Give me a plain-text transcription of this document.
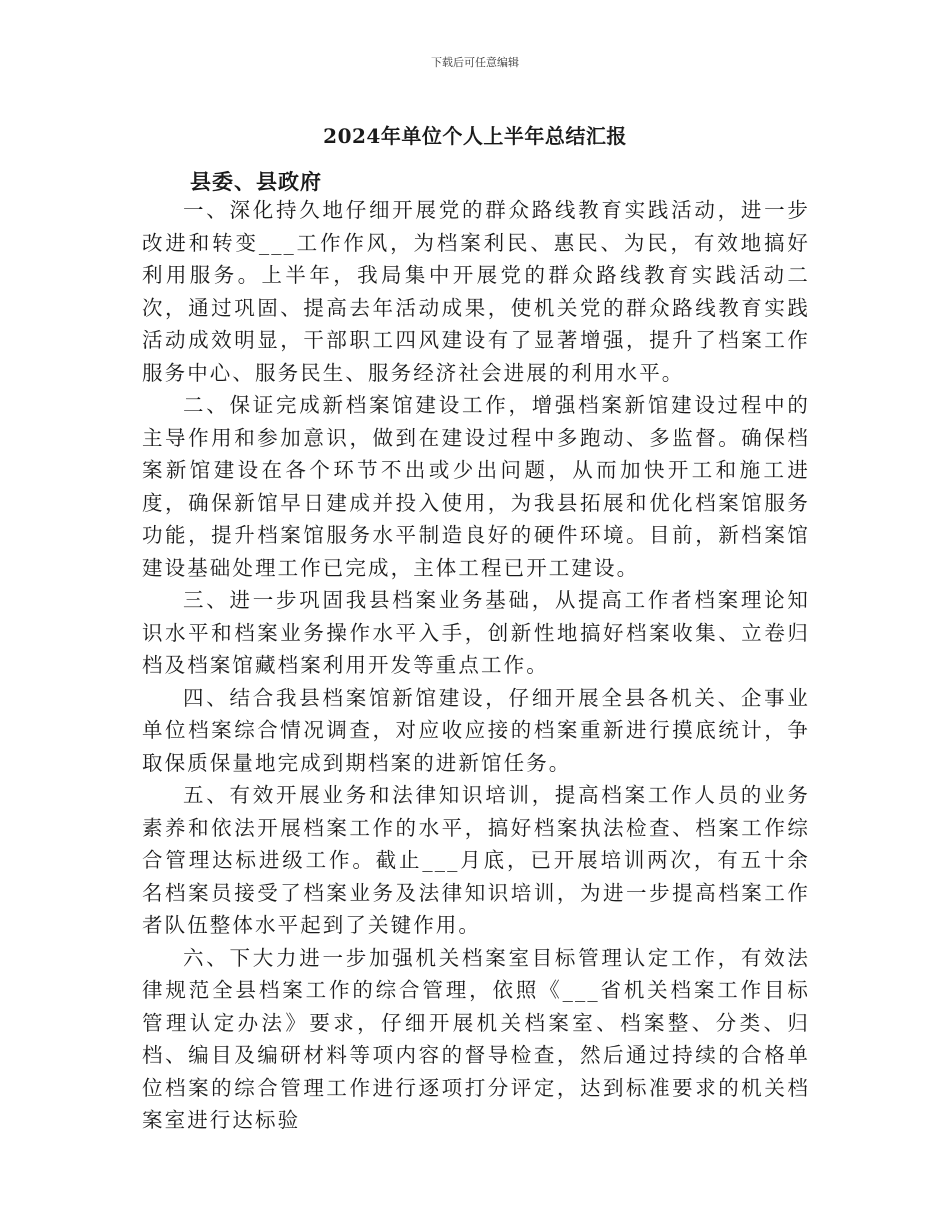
下载后可任意编辑
2024年单位个人上半年总结汇报
县委、县政府

一、深化持久地仔细开展党的群众路线教育实践活动，进一步改进和转变___工作作风，为档案利民、惠民、为民，有效地搞好利用服务。上半年，我局集中开展党的群众路线教育实践活动二次，通过巩固、提高去年活动成果，使机关党的群众路线教育实践活动成效明显，干部职工四风建设有了显著增强，提升了档案工作服务中心、服务民生、服务经济社会进展的利用水平。

二、保证完成新档案馆建设工作，增强档案新馆建设过程中的主导作用和参加意识，做到在建设过程中多跑动、多监督。确保档案新馆建设在各个环节不出或少出问题，从而加快开工和施工进度，确保新馆早日建成并投入使用，为我县拓展和优化档案馆服务功能，提升档案馆服务水平制造良好的硬件环境。目前，新档案馆建设基础处理工作已完成，主体工程已开工建设。

三、进一步巩固我县档案业务基础，从提高工作者档案理论知识水平和档案业务操作水平入手，创新性地搞好档案收集、立卷归档及档案馆藏档案利用开发等重点工作。

四、结合我县档案馆新馆建设，仔细开展全县各机关、企事业单位档案综合情况调查，对应收应接的档案重新进行摸底统计，争取保质保量地完成到期档案的进新馆任务。

五、有效开展业务和法律知识培训，提高档案工作人员的业务素养和依法开展档案工作的水平，搞好档案执法检查、档案工作综合管理达标进级工作。截止___月底，已开展培训两次，有五十余名档案员接受了档案业务及法律知识培训，为进一步提高档案工作者队伍整体水平起到了关键作用。

六、下大力进一步加强机关档案室目标管理认定工作，有效法律规范全县档案工作的综合管理，依照《___省机关档案工作目标管理认定办法》要求，仔细开展机关档案室、档案整、分类、归档、编目及编研材料等项内容的督导检查，然后通过持续的合格单位档案的综合管理工作进行逐项打分评定，达到标准要求的机关档案室进行达标验
